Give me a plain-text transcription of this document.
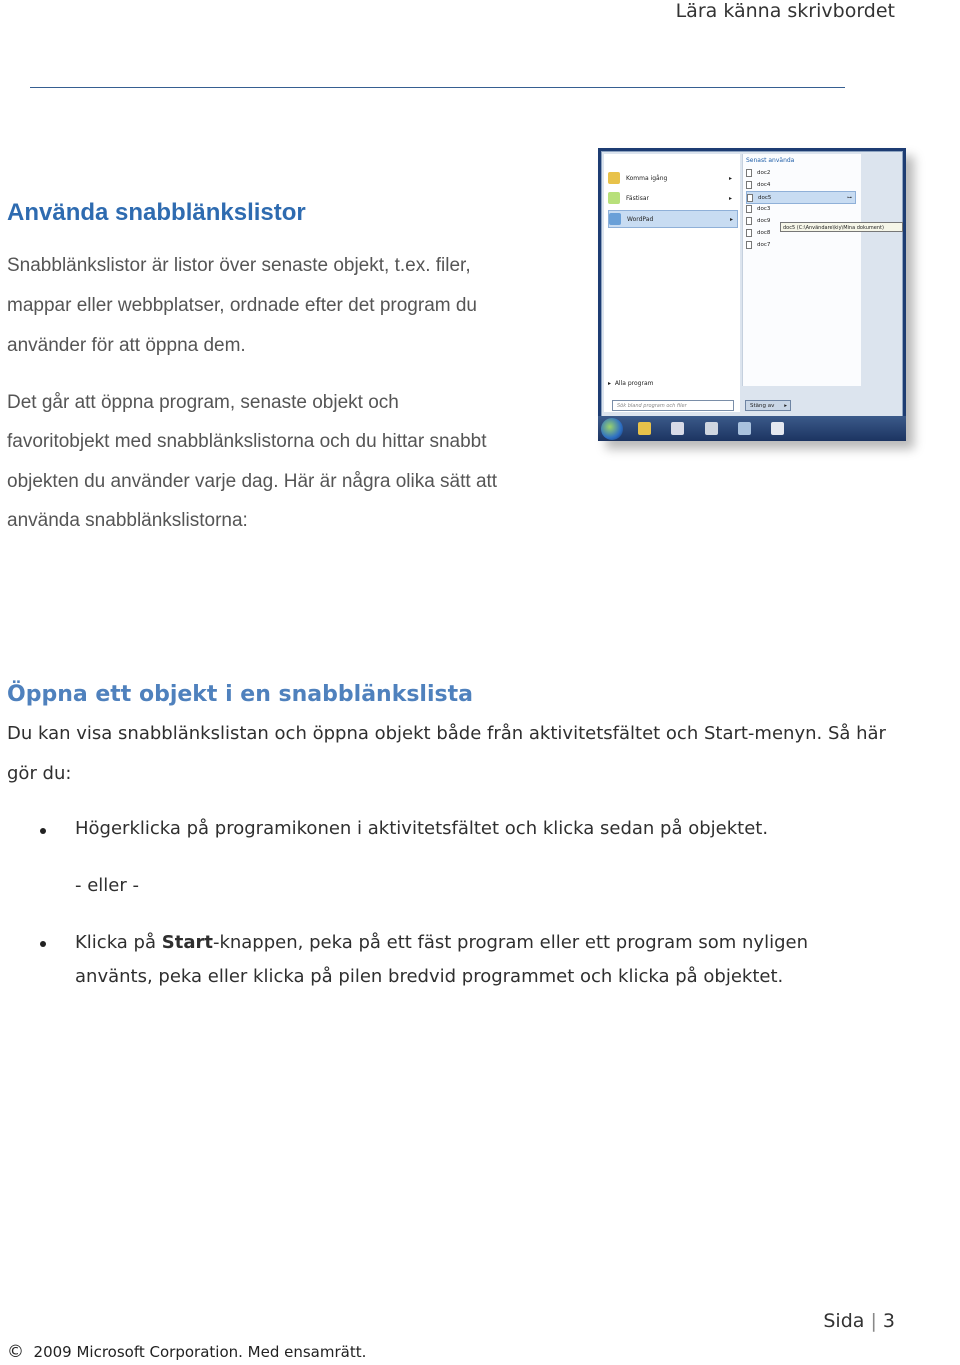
Lära känna skrivbordet
Använda snabblänkslistor
Snabblänkslistor är listor över senaste objekt, t.ex. filer,
mappar eller webbplatser, ordnade efter det program du
använder för att öppna dem.
Det går att öppna program, senaste objekt och
favoritobjekt med snabblänkslistorna och du hittar snabbt
objekten du använder varje dag. Här är några olika sätt att
använda snabblänkslistorna:
Komma igång	▸
Fästisar	▸
WordPad	▸
▸  Alla program
Senast använda
doc2
doc4
doc5	⊶
doc3
doc9
doc8
doc7
Sök bland program och filer	Stäng av ▸
doc5 (C:\Användare\kiy\Mina dokument)
Öppna ett objekt i en snabblänkslista
Du kan visa snabblänkslistan och öppna objekt både från aktivitetsfältet och Start-menyn. Så här
gör du:
Högerklicka på programikonen i aktivitetsfältet och klicka sedan på objektet.
- eller -
Klicka på Start-knappen, peka på ett fäst program eller ett program som nyligen
använts, peka eller klicka på pilen bredvid programmet och klicka på objektet.
Sida | 3
© 2009 Microsoft Corporation. Med ensamrätt.
